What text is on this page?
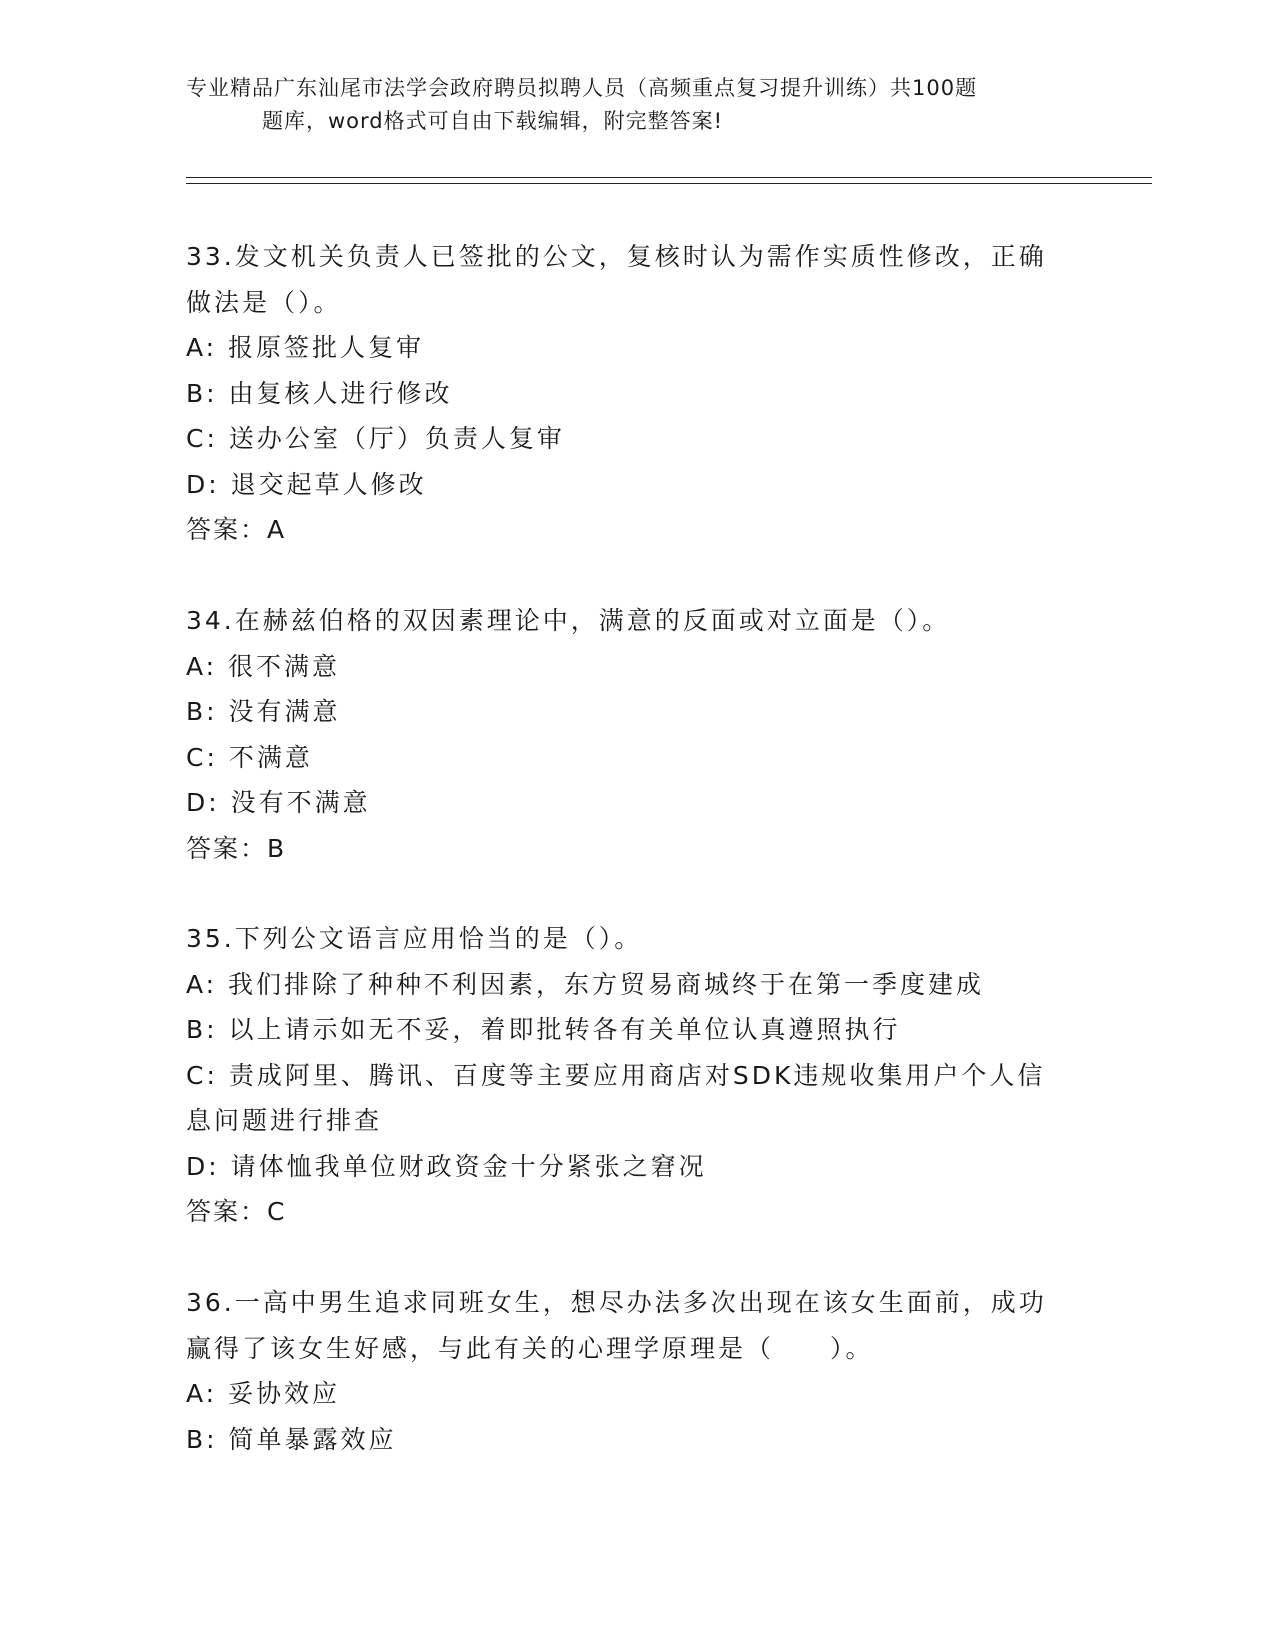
专业精品广东汕尾市法学会政府聘员拟聘人员（高频重点复习提升训练）共100题
题库，word格式可自由下载编辑，附完整答案!
33.发文机关负责人已签批的公文，复核时认为需作实质性修改，正确
做法是（）。
A: 报原签批人复审
B: 由复核人进行修改
C: 送办公室（厅）负责人复审
D: 退交起草人修改
答案：A
34.在赫兹伯格的双因素理论中，满意的反面或对立面是（）。
A: 很不满意
B: 没有满意
C: 不满意
D: 没有不满意
答案：B
35.下列公文语言应用恰当的是（）。
A: 我们排除了种种不利因素，东方贸易商城终于在第一季度建成
B: 以上请示如无不妥，着即批转各有关单位认真遵照执行
C: 责成阿里、腾讯、百度等主要应用商店对SDK违规收集用户个人信
息问题进行排查
D: 请体恤我单位财政资金十分紧张之窘况
答案：C
36.一高中男生追求同班女生，想尽办法多次出现在该女生面前，成功
赢得了该女生好感，与此有关的心理学原理是（　　）。
A: 妥协效应
B: 简单暴露效应
